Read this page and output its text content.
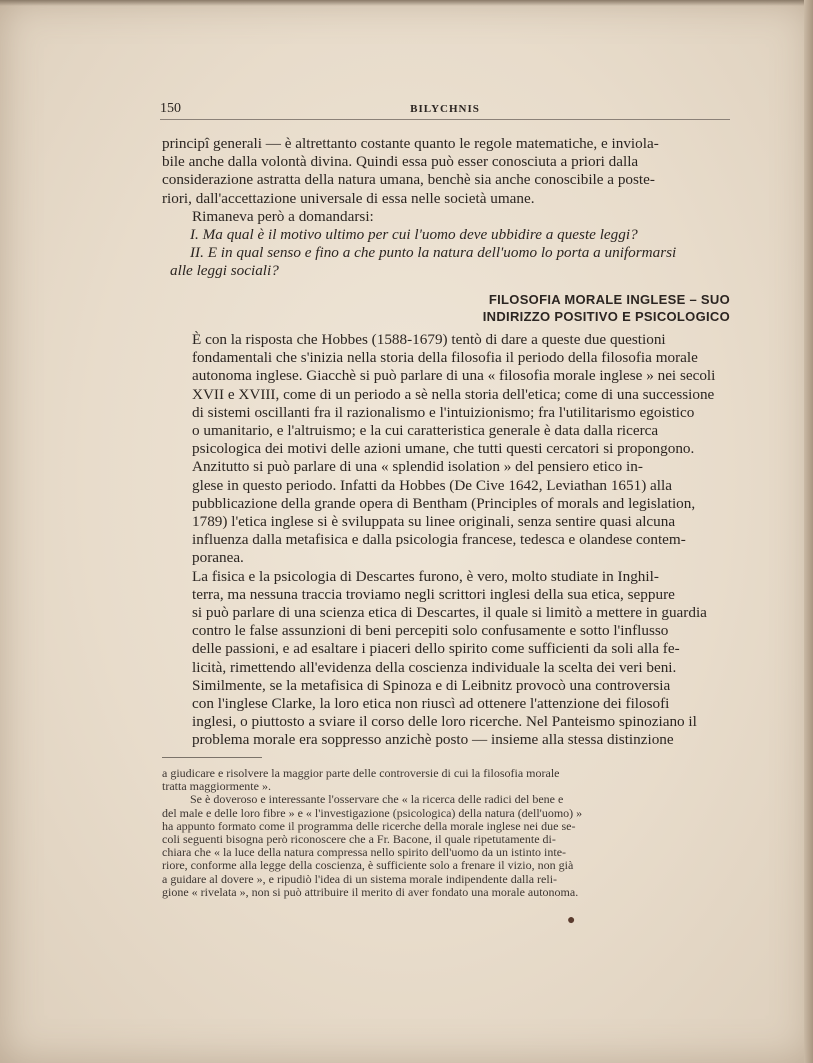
150	BILYCHNIS

principî generali — è altrettanto costante quanto le regole matematiche, e inviola-
bile anche dalla volontà divina. Quindi essa può esser conosciuta a priori dalla
considerazione astratta della natura umana, benchè sia anche conoscibile a poste-
riori, dall'accettazione universale di essa nelle società umane.

Rimaneva però a domandarsi:

I. Ma qual è il motivo ultimo per cui l'uomo deve ubbidire a queste leggi?

II. E in qual senso e fino a che punto la natura dell'uomo lo porta a uniformarsi

alle leggi sociali?

FILOSOFIA MORALE INGLESE – SUO
INDIRIZZO POSITIVO E PSICOLOGICO

È con la risposta che Hobbes (1588-1679) tentò di dare a queste due questioni
fondamentali che s'inizia nella storia della filosofia il periodo della filosofia morale
autonoma inglese. Giacchè si può parlare di una « filosofia morale inglese » nei secoli
XVII e XVIII, come di un periodo a sè nella storia dell'etica; come di una successione
di sistemi oscillanti fra il razionalismo e l'intuizionismo; fra l'utilitarismo egoistico
o umanitario, e l'altruismo; e la cui caratteristica generale è data dalla ricerca
psicologica dei motivi delle azioni umane, che tutti questi cercatori si propongono.

Anzitutto si può parlare di una « splendid isolation » del pensiero etico in-
glese in questo periodo. Infatti da Hobbes (De Cive 1642, Leviathan 1651) alla
pubblicazione della grande opera di Bentham (Principles of morals and legislation,
1789) l'etica inglese si è sviluppata su linee originali, senza sentire quasi alcuna
influenza dalla metafisica e dalla psicologia francese, tedesca e olandese contem-
poranea.

La fisica e la psicologia di Descartes furono, è vero, molto studiate in Inghil-
terra, ma nessuna traccia troviamo negli scrittori inglesi della sua etica, seppure
si può parlare di una scienza etica di Descartes, il quale si limitò a mettere in guardia
contro le false assunzioni di beni percepiti solo confusamente e sotto l'influsso
delle passioni, e ad esaltare i piaceri dello spirito come sufficienti da soli alla fe-
licità, rimettendo all'evidenza della coscienza individuale la scelta dei veri beni.

Similmente, se la metafisica di Spinoza e di Leibnitz provocò una controversia
con l'inglese Clarke, la loro etica non riuscì ad ottenere l'attenzione dei filosofi
inglesi, o piuttosto a sviare il corso delle loro ricerche. Nel Panteismo spinoziano il
problema morale era soppresso anzichè posto — insieme alla stessa distinzione

a giudicare e risolvere la maggior parte delle controversie di cui la filosofia morale
tratta maggiormente ».

Se è doveroso e interessante l'osservare che « la ricerca delle radici del bene e
del male e delle loro fibre » e « l'investigazione (psicologica) della natura (dell'uomo) »
ha appunto formato come il programma delle ricerche della morale inglese nei due se-
coli seguenti bisogna però riconoscere che a Fr. Bacone, il quale ripetutamente di-
chiara che « la luce della natura compressa nello spirito dell'uomo da un istinto inte-
riore, conforme alla legge della coscienza, è sufficiente solo a frenare il vizio, non già
a guidare al dovere », e ripudiò l'idea di un sistema morale indipendente dalla reli-
gione « rivelata », non si può attribuire il merito di aver fondato una morale autonoma.

●
